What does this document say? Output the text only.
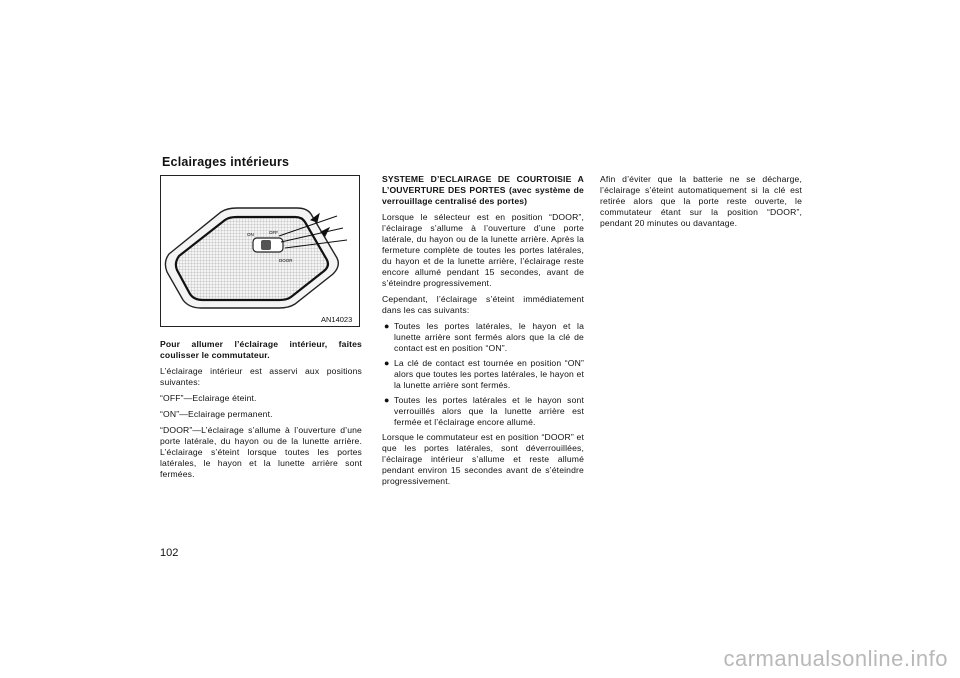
Eclairages intérieurs
ON
DOOR
OFF
AN14023

Pour allumer l’éclairage intérieur, faites coulisser le commutateur.

L’éclairage intérieur est asservi aux positions suivantes:

“OFF”—Eclairage éteint.

“ON”—Eclairage permanent.

“DOOR”—L’éclairage s’allume à l’ouverture d’une porte latérale, du hayon ou de la lunette arrière. L’éclairage s’éteint lorsque toutes les portes latérales, le hayon et la lunette arrière sont fermées.

SYSTEME D’ECLAIRAGE DE COURTOISIE A L’OUVERTURE DES PORTES (avec système de verrouillage centralisé des portes)

Lorsque le sélecteur est en position “DOOR”, l’éclairage s’allume à l’ouverture d’une porte latérale, du hayon ou de la lunette arrière. Après la fermeture complète de toutes les portes latérales, du hayon et de la lunette arrière, l’éclairage reste encore allumé pendant 15 secondes, avant de s’éteindre progressivement.

Cependant, l’éclairage s’éteint immédiatement dans les cas suivants:

● Toutes les portes latérales, le hayon et la lunette arrière sont fermés alors que la clé de contact est en position “ON”.
● La clé de contact est tournée en position “ON” alors que toutes les portes latérales, le hayon et la lunette arrière sont fermés.
● Toutes les portes latérales et le hayon sont verrouillés alors que la lunette arrière est fermée et l’éclairage encore allumé.

Lorsque le commutateur est en position “DOOR” et que les portes latérales, sont déverrouillées, l’éclairage intérieur s’allume et reste allumé pendant environ 15 secondes avant de s’éteindre progressivement.

Afin d’éviter que la batterie ne se décharge, l’éclairage s’éteint automatiquement si la clé est retirée alors que la porte reste ouverte, le commutateur étant sur la position “DOOR”, pendant 20 minutes ou davantage.

102
carmanualsonline.info
